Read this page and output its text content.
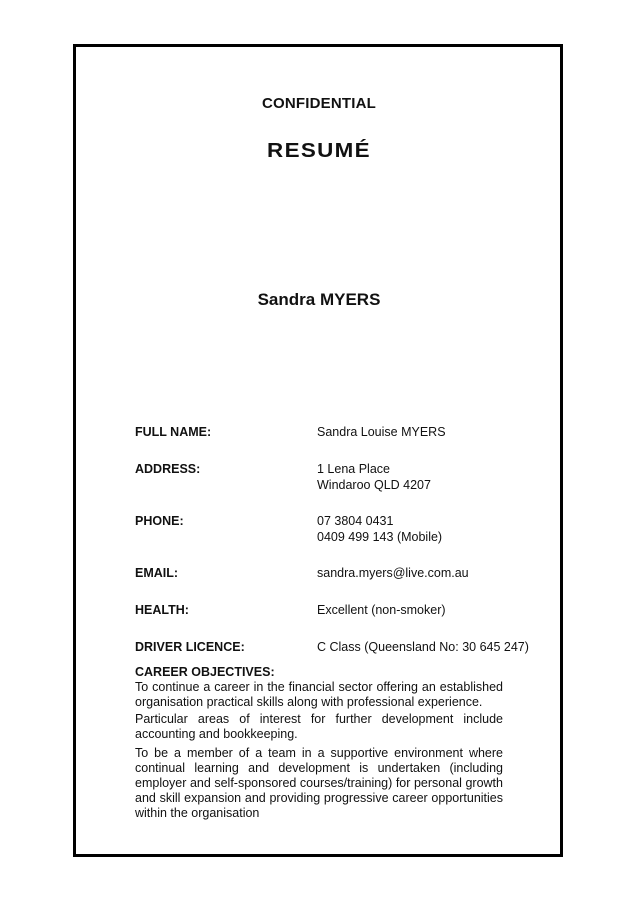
CONFIDENTIAL
RESUMÉ
Sandra MYERS
FULL NAME:	Sandra Louise MYERS
ADDRESS:	1 Lena Place
Windaroo QLD 4207
PHONE:	07 3804 0431
0409 499 143 (Mobile)
EMAIL:	sandra.myers@live.com.au
HEALTH:	Excellent (non-smoker)
DRIVER LICENCE:	C Class (Queensland No: 30 645 247)
CAREER OBJECTIVES:

To continue a career in the financial sector offering an established organisation practical skills along with professional experience.

Particular areas of interest for further development include accounting and bookkeeping.

To be a member of a team in a supportive environment where continual learning and development is undertaken (including employer and self-sponsored courses/training) for personal growth and skill expansion and providing progressive career opportunities within the organisation
